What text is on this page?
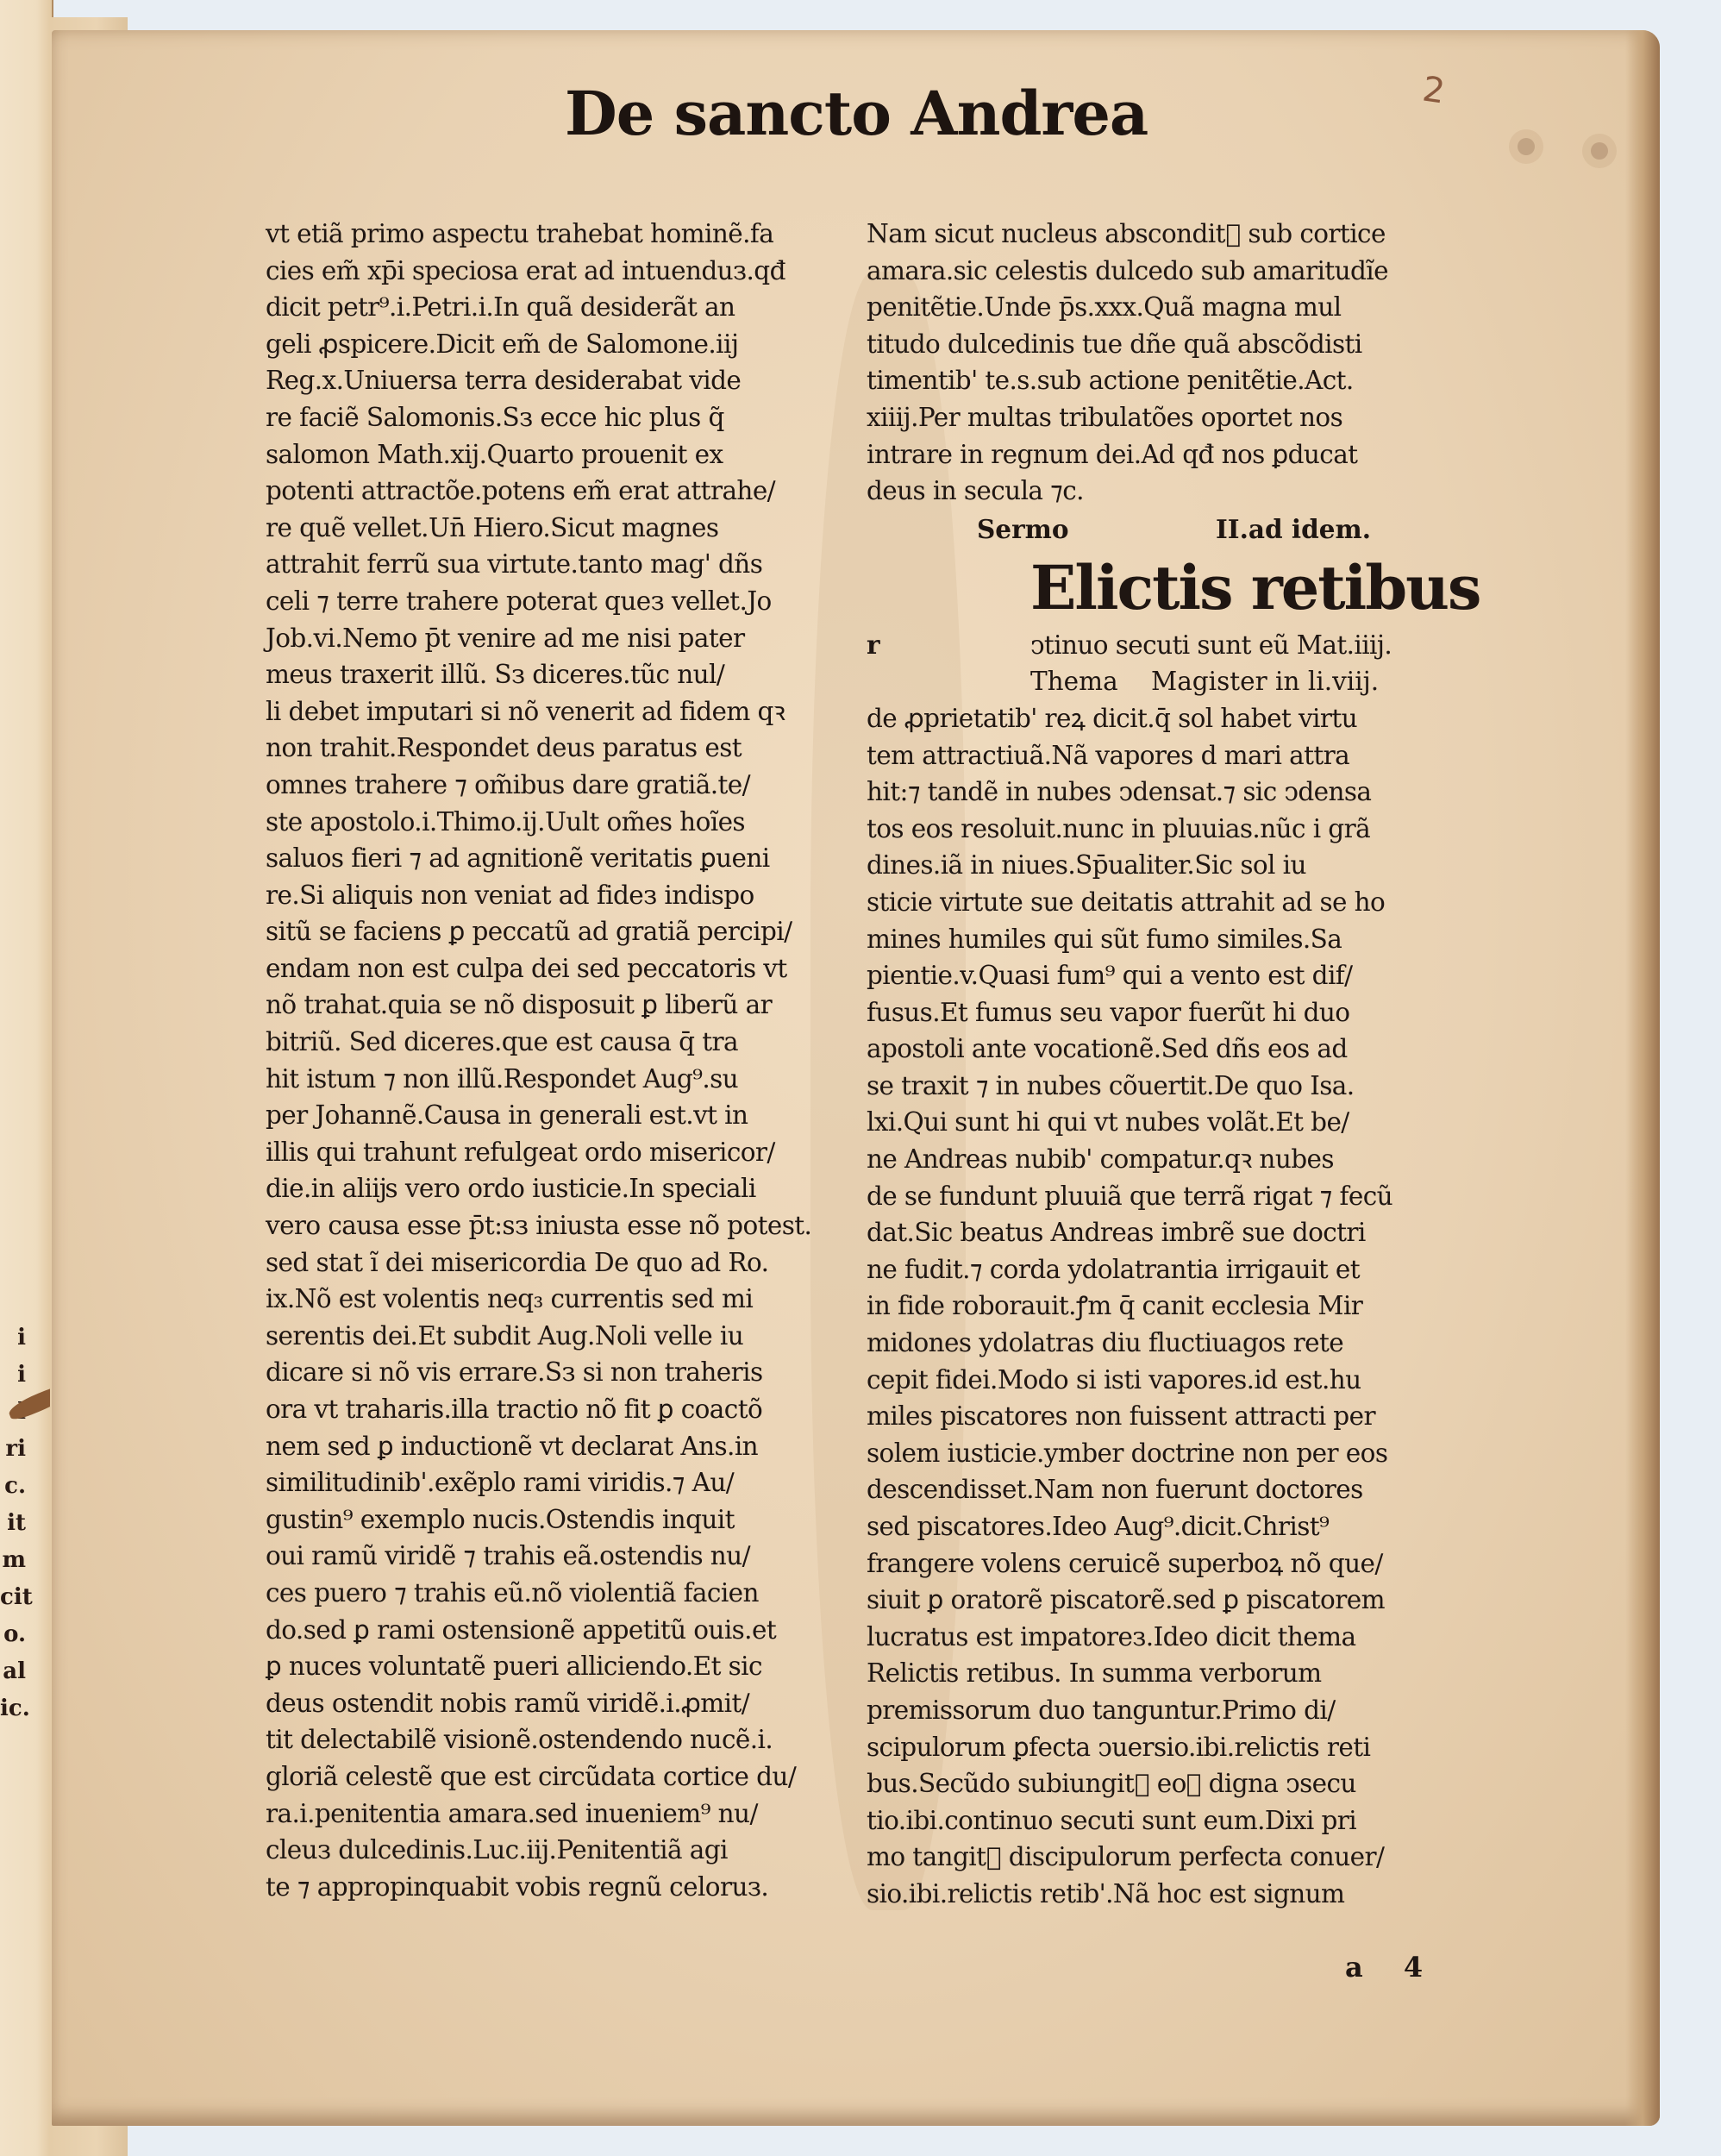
i
i
ri
c.
it
m
cit
o.
al
ic.
2
De sancto Andrea
vt etiã primo aspectu trahebat hominẽ.fa
cies em̃ xp̄i speciosa erat ad intuenduз.qđ
dicit petr⁹.i.Petri.i.In quã desiderãt an
geli ꝓspicere.Dicit em̃ de Salomone.iij
Reg.x.Uniuersa terra desiderabat vide
re faciẽ Salomonis.Sз ecce hic plus q̃
salomon Math.xij.Quarto prouenit ex
potenti attractõe.potens em̃ erat attrahe/
re quẽ vellet.Un̄ Hiero.Sicut magnes
attrahit ferrũ sua virtute.tanto mag' dñs
celi ⁊ terre trahere poterat queз vellet.Jo
Job.vi.Nemo p̄t venire ad me nisi pater
meus traxerit illũ. Sз diceres.tũc nul/
li debet imputari si nõ venerit ad fidem qꝛ
non trahit.Respondet deus paratus est
omnes trahere ⁊ om̃ibus dare gratiã.te/
ste apostolo.i.Thimo.ij.Uult om̃es hoĩes
saluos fieri ⁊ ad agnitionẽ veritatis ꝑueni
re.Si aliquis non veniat ad fideз indispo
sitũ se faciens ꝑ peccatũ ad gratiã percipi/
endam non est culpa dei sed peccatoris vt
nõ trahat.quia se nõ disposuit ꝑ liberũ ar
bitriũ. Sed diceres.que est causa q̄ tra
hit istum ⁊ non illũ.Respondet Aug⁹.su
per Johannẽ.Causa in generali est.vt in
illis qui trahunt refulgeat ordo misericor/
die.in aliĳs vero ordo iusticie.In speciali
vero causa esse p̄t:sз iniusta esse nõ potest.
sed stat ĩ dei misericordia De quo ad Ro.
ix.Nõ est volentis neq₃ currentis sed mi
serentis dei.Et subdit Aug.Noli velle iu
dicare si nõ vis errare.Sз si non traheris
ora vt traharis.illa tractio nõ fit ꝑ coactõ
nem sed ꝑ inductionẽ vt declarat Ans.in
similitudinib'.exẽplo rami viridis.⁊ Au/
gustin⁹ exemplo nucis.Ostendis inquit
oui ramũ viridẽ ⁊ trahis eã.ostendis nu/
ces puero ⁊ trahis eũ.nõ violentiã facien
do.sed ꝑ rami ostensionẽ appetitũ ouis.et
ꝑ nuces voluntatẽ pueri alliciendo.Et sic
deus ostendit nobis ramũ viridẽ.i.ꝓmit/
tit delectabilẽ visionẽ.ostendendo nucẽ.i.
gloriã celestẽ que est circũdata cortice du/
ra.i.penitentia amara.sed inueniem⁹ nu/
cleuз dulcedinis.Luc.iij.Penitentiã agi
te ⁊ appropinquabit vobis regnũ celoruз.
Nam sicut nucleus absconditᷣ sub cortice
amara.sic celestis dulcedo sub amaritudĩe
penitẽtie.Unde p̄s.xxx.Quã magna mul
titudo dulcedinis tue dñe quã abscõdisti
timentib' te.s.sub actione penitẽtie.Act.
xiiij.Per multas tribulatões oportet nos
intrare in regnum dei.Ad qđ nos ꝑducat
deus in secula ⁊c.
Sermo	II.ad idem.
Elictis retibus
r	ↄtinuo secuti sunt eũ Mat.iiij.
Thema Magister in li.viij.
de ꝓprietatib' reꝝ dicit.q̄ sol habet virtu
tem attractiuã.Nã vapores d mari attra
hit:⁊ tandẽ in nubes ↄdensat.⁊ sic ↄdensa
tos eos resoluit.nunc in pluuias.nũc i grã
dines.iã in niues.Sp̄ualiter.Sic sol iu
sticie virtute sue deitatis attrahit ad se ho
mines humiles qui sũt fumo similes.Sa
pientie.v.Quasi fum⁹ qui a vento est dif/
fusus.Et fumus seu vapor fuerũt hi duo
apostoli ante vocationẽ.Sed dñs eos ad
se traxit ⁊ in nubes cõuertit.De quo Isa.
lxi.Qui sunt hi qui vt nubes volãt.Et be/
ne Andreas nubib' compatur.qꝛ nubes
de se fundunt pluuiã que terrã rigat ⁊ fecũ
dat.Sic beatus Andreas imbrẽ sue doctri
ne fudit.⁊ corda ydolatrantia irrigauit et
in fide roborauit.ꝭm q̄ canit ecclesia Mir
midones ydolatras diu fluctiuagos rete
cepit fidei.Modo si isti vapores.id est.hu
miles piscatores non fuissent attracti per
solem iusticie.ymber doctrine non per eos
descendisset.Nam non fuerunt doctores
sed piscatores.Ideo Aug⁹.dicit.Christ⁹
frangere volens ceruicẽ superboꝝ nõ que/
siuit ꝑ oratorẽ piscatorẽ.sed ꝑ piscatorem
lucratus est impatoreз.Ideo dicit thema
Relictis retibus. In summa verborum
premissorum duo tanguntur.Primo di/
scipulorum ꝑfecta ↄuersio.ibi.relictis reti
bus.Secũdo subiungitᷣ eoꝝ digna ↄsecu
tio.ibi.continuo secuti sunt eum.Dixi pri
mo tangitᷣ discipulorum perfecta conuer/
sio.ibi.relictis retib'.Nã hoc est signum
a 4
